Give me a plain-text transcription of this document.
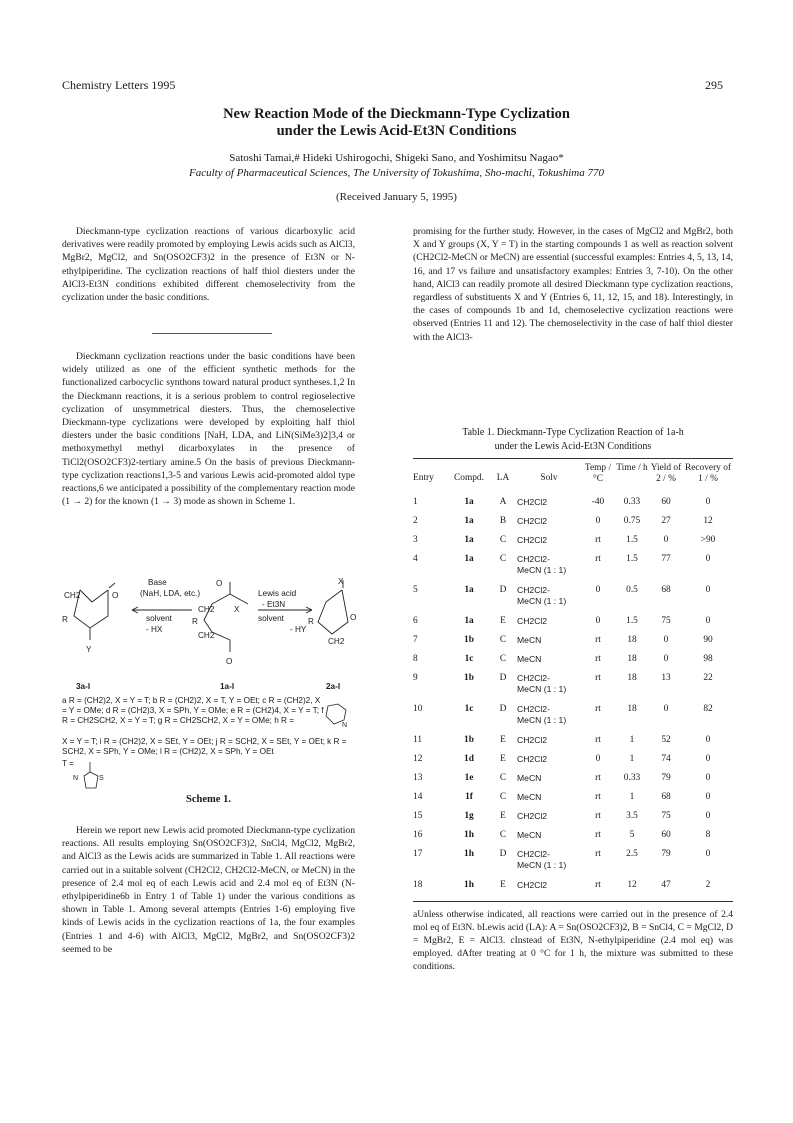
Chemistry Letters 1995	295
New Reaction Mode of the Dieckmann-Type Cyclization
under the Lewis Acid-Et3N Conditions
Satoshi Tamai,# Hideki Ushirogochi, Shigeki Sano, and Yoshimitsu Nagao*
Faculty of Pharmaceutical Sciences, The University of Tokushima, Sho-machi, Tokushima 770
(Received January 5, 1995)

Dieckmann-type cyclization reactions of various dicarboxylic acid derivatives were readily promoted by employing Lewis acids such as AlCl3, MgBr2, MgCl2, and Sn(OSO2CF3)2 in the presence of Et3N or N-ethylpiperidine. The cyclization reactions of half thiol diesters under the AlCl3-Et3N conditions exhibited different chemoselectivity from the cyclization under the basic conditions.

Dieckmann cyclization reactions under the basic conditions have been widely utilized as one of the efficient synthetic methods for the functionalized carbocyclic synthons toward natural product syntheses.1,2 In the Dieckmann reactions, it is a serious problem to control regioselective cyclization of unsymmetrical diesters. Thus, the chemoselective Dieckmann-type cyclizations were developed by exploiting half thiol diesters under the basic conditions [NaH, LDA, and LiN(SiMe3)2]3,4 or methoxymethyl methyl dicarboxylates in the presence of TiCl2(OSO2CF3)2-tertiary amine.5 On the basis of previous Dieckmann-type cyclization reactions1,3-5 and various Lewis acid-promoted aldol type reactions,6 we anticipated a possibility of the complementary reaction mode (1 → 2) for the known (1 → 3) mode as shown in Scheme 1.

CH2	O
R
Y
O
CH2
R
CH2
X
O
X
R
CH2
O
Base
(NaH, LDA, etc.)
solvent
- HX
Lewis acid
- Et3N
solvent
- HY
3a-l	1a-l	2a-l
a R = (CH2)2, X = Y = T; b R = (CH2)2, X = T, Y = OEt; c R = (CH2)2, X = Y = OMe; d R = (CH2)3, X = SPh, Y = OMe; e R = (CH2)4, X = Y = T; f R = CH2SCH2, X = Y = T; g R = CH2SCH2, X = Y = OMe; h R =
N
X = Y = T; i R = (CH2)2, X = SEt, Y = OEt; j R = SCH2, X = SEt, Y = OEt; k R = SCH2, X = SPh, Y = OMe; l R = (CH2)2, X = SPh, Y = OEt
T =
N	S
Scheme 1.

Herein we report new Lewis acid promoted Dieckmann-type cyclization reactions. All results employing Sn(OSO2CF3)2, SnCl4, MgCl2, MgBr2, and AlCl3 as the Lewis acids are summarized in Table 1. All reactions were carried out in a suitable solvent (CH2Cl2, CH2Cl2-MeCN, or MeCN) in the presence of 2.4 mol eq of each Lewis acid and 2.4 mol eq of Et3N (N-ethylpiperidine6b in Entry 1 of Table 1) under the various conditions as shown in Table 1. Among several attempts (Entries 1-6) employing five kinds of Lewis acids in the cyclization reactions of 1a, the four examples (Entries 1 and 4-6) with AlCl3, MgCl2, MgBr2, and Sn(OSO2CF3)2 seemed to be

promising for the further study. However, in the cases of MgCl2 and MgBr2, both X and Y groups (X, Y = T) in the starting compounds 1 as well as reaction solvent (CH2Cl2-MeCN or MeCN) are essential (successful examples: Entries 4, 5, 13, 14, 16, and 17 vs failure and unsatisfactory examples: Entries 3, 7-10). On the other hand, AlCl3 can readily promote all desired Dieckmann type cyclization reactions, regardless of substituents X and Y (Entries 6, 11, 12, 15, and 18). Interestingly, in the cases of compounds 1b and 1d, chemoselective cyclization reactions were observed (Entries 11 and 12). The chemoselectivity in the case of half thiol diester with the AlCl3-

Table 1. Dieckmann-Type Cyclization Reaction of 1a-h
under the Lewis Acid-Et3N Conditions
Entry	Compd.	LA	Solv	Temp / °C	Time / h	Yield of 2 / %	Recovery of 1 / %
1	1a	A	CH2Cl2	-40	0.33	60	0
2	1a	B	CH2Cl2	0	0.75	27	12
3	1a	C	CH2Cl2	rt	1.5	0	>90
4	1a	C	CH2Cl2-
MeCN (1 : 1)	rt	1.5	77	0
5	1a	D	CH2Cl2-
MeCN (1 : 1)	0	0.5	68	0
6	1a	E	CH2Cl2	0	1.5	75	0
7	1b	C	MeCN	rt	18	0	90
8	1c	C	MeCN	rt	18	0	98
9	1b	D	CH2Cl2-
MeCN (1 : 1)	rt	18	13	22
10	1c	D	CH2Cl2-
MeCN (1 : 1)	rt	18	0	82
11	1b	E	CH2Cl2	rt	1	52	0
12	1d	E	CH2Cl2	0	1	74	0
13	1e	C	MeCN	rt	0.33	79	0
14	1f	C	MeCN	rt	1	68	0
15	1g	E	CH2Cl2	rt	3.5	75	0
16	1h	C	MeCN	rt	5	60	8
17	1h	D	CH2Cl2-
MeCN (1 : 1)	rt	2.5	79	0
18	1h	E	CH2Cl2	rt	12	47	2
aUnless otherwise indicated, all reactions were carried out in the presence of 2.4 mol eq of Et3N. bLewis acid (LA): A = Sn(OSO2CF3)2, B = SnCl4, C = MgCl2, D = MgBr2, E = AlCl3. cInstead of Et3N, N-ethylpiperidine (2.4 mol eq) was employed. dAfter treating at 0 °C for 1 h, the mixture was submitted to these conditions.
